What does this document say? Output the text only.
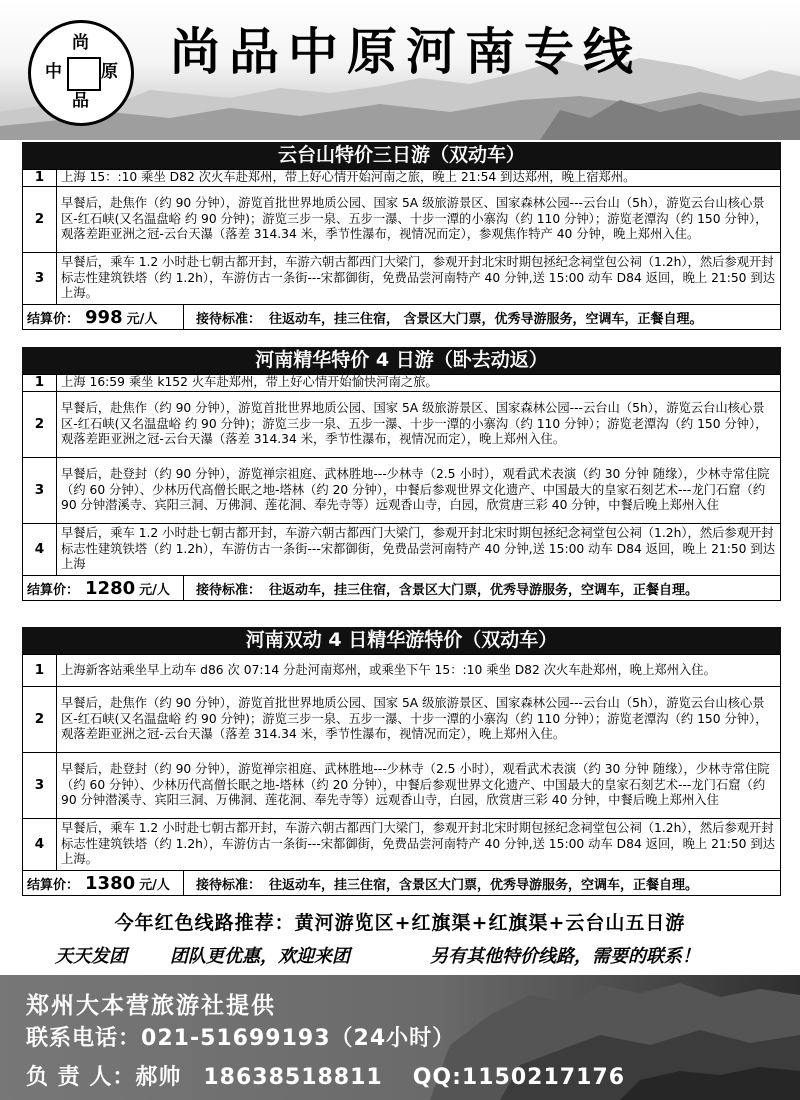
尚
中 原
品
尚品中原河南专线
云台山特价三日游（双动车）
1	上海 15：:10 乘坐 D82 次火车赴郑州，带上好心情开始河南之旅，晚上 21:54 到达郑州，晚上宿郑州。
2	早餐后，赴焦作（约 90 分钟），游览首批世界地质公园、国家 5A 级旅游景区、国家森林公园---云台山（5h），游览云台山核心景区-红石峡(又名温盘峪 约 90 分钟)；游览三步一泉、五步一瀑、十步一潭的小寨沟（约 110 分钟）；游览老潭沟（约 150 分钟），观落差距亚洲之冠-云台天瀑（落差 314.34 米，季节性瀑布，视情况而定），参观焦作特产 40 分钟，晚上郑州入住。
3	早餐后，乘车 1.2 小时赴七朝古都开封，车游六朝古都西门大梁门，参观开封北宋时期包拯纪念祠堂包公祠（1.2h），然后参观开封标志性建筑铁塔（约 1.2h），车游仿古一条街---宋都御街，免费品尝河南特产 40 分钟,送 15:00 动车 D84 返回，晚上 21:50 到达上海。
结算价： 998 元/人	接待标准： 往返动车，挂三住宿， 含景区大门票，优秀导游服务，空调车，正餐自理。
河南精华特价 4 日游（卧去动返）
1	上海 16:59 乘坐 k152 火车赴郑州，带上好心情开始愉快河南之旅。
2	早餐后，赴焦作（约 90 分钟），游览首批世界地质公园、国家 5A 级旅游景区、国家森林公园---云台山（5h），游览云台山核心景区-红石峡(又名温盘峪 约 90 分钟)；游览三步一泉、五步一瀑、十步一潭的小寨沟（约 110 分钟）；游览老潭沟（约 150 分钟），观落差距亚洲之冠-云台天瀑（落差 314.34 米，季节性瀑布，视情况而定），晚上郑州入住。
3	早餐后，赴登封（约 90 分钟），游览禅宗祖庭、武林胜地---少林寺（2.5 小时），观看武术表演（约 30 分钟 随缘），少林寺常住院（约 60 分钟）、少林历代高僧长眠之地-塔林（约 20 分钟），中餐后参观世界文化遗产、中国最大的皇家石刻艺术---龙门石窟（约 90 分钟潜溪寺、宾阳三洞、万佛洞、莲花洞、奉先寺等）远观香山寺，白园，欣赏唐三彩 40 分钟，中餐后晚上郑州入住
4	早餐后，乘车 1.2 小时赴七朝古都开封，车游六朝古都西门大梁门，参观开封北宋时期包拯纪念祠堂包公祠（1.2h），然后参观开封标志性建筑铁塔（约 1.2h），车游仿古一条街---宋都御街，免费品尝河南特产 40 分钟,送 15:00 动车 D84 返回，晚上 21:50 到达上海
结算价： 1280 元/人 接待标准： 往返动车，挂三住宿，含景区大门票，优秀导游服务，空调车，正餐自理。
河南双动 4 日精华游特价（双动车）
1	上海新客站乘坐早上动车 d86 次 07:14 分赴河南郑州，或乘坐下午 15：:10 乘坐 D82 次火车赴郑州，晚上郑州入住。
2	早餐后，赴焦作（约 90 分钟），游览首批世界地质公园、国家 5A 级旅游景区、国家森林公园---云台山（5h），游览云台山核心景区-红石峡(又名温盘峪 约 90 分钟)；游览三步一泉、五步一瀑、十步一潭的小寨沟（约 110 分钟）；游览老潭沟（约 150 分钟），观落差距亚洲之冠-云台天瀑（落差 314.34 米，季节性瀑布，视情况而定），晚上郑州入住。
3	早餐后，赴登封（约 90 分钟），游览禅宗祖庭、武林胜地---少林寺（2.5 小时），观看武术表演（约 30 分钟 随缘），少林寺常住院（约 60 分钟）、少林历代高僧长眠之地-塔林（约 20 分钟），中餐后参观世界文化遗产、中国最大的皇家石刻艺术---龙门石窟（约 90 分钟潜溪寺、宾阳三洞、万佛洞、莲花洞、奉先寺等）远观香山寺，白园，欣赏唐三彩 40 分钟，中餐后晚上郑州入住
4	早餐后，乘车 1.2 小时赴七朝古都开封，车游六朝古都西门大梁门，参观开封北宋时期包拯纪念祠堂包公祠（1.2h），然后参观开封标志性建筑铁塔（约 1.2h），车游仿古一条街---宋都御街，免费品尝河南特产 40 分钟,送 15:00 动车 D84 返回，晚上 21:50 到达上海。
结算价： 1380 元/人 接待标准： 往返动车，挂三住宿，含景区大门票，优秀导游服务，空调车，正餐自理。
今年红色线路推荐：黄河游览区+红旗渠+红旗渠+云台山五日游
天天发团 团队更优惠，欢迎来团	另有其他特价线路，需要的联系！
郑州大本营旅游社提供
联系电话：021-51699193（24小时）
负 责 人：郝帅 18638518811 QQ:1150217176
